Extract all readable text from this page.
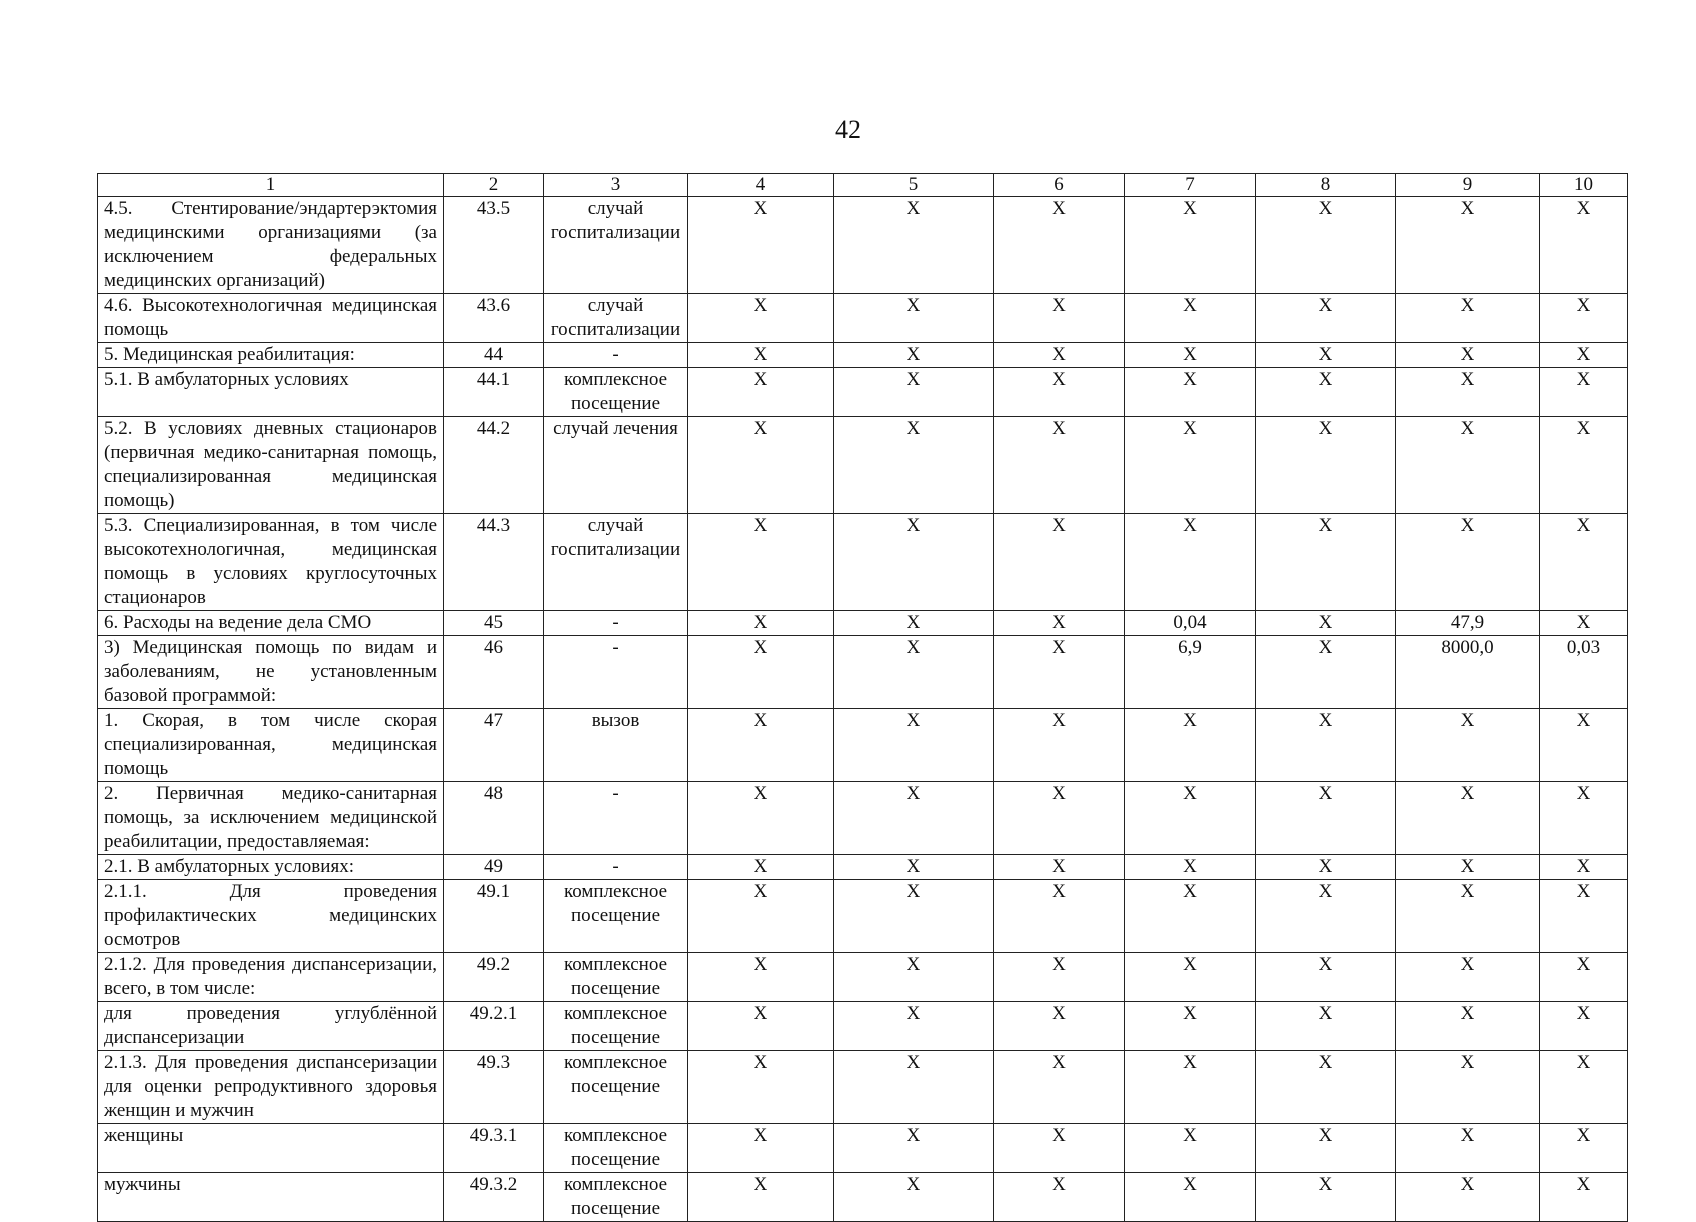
42
1	2	3	4	5	6	7	8	9	10
4.5. Стентирование/эндартерэктомия медицинскими организациями (за исключением федеральных медицинских организаций)	43.5	случай госпитализации	X	X	X	X	X	X	X
4.6. Высокотехнологичная медицинская помощь	43.6	случай госпитализации	X	X	X	X	X	X	X
5. Медицинская реабилитация:	44	-	X	X	X	X	X	X	X
5.1. В амбулаторных условиях	44.1	комплексное посещение	X	X	X	X	X	X	X
5.2. В условиях дневных стационаров (первичная медико-санитарная помощь, специализированная медицинская помощь)	44.2	случай лечения	X	X	X	X	X	X	X
5.3. Специализированная, в том числе высокотехнологичная, медицинская помощь в условиях круглосуточных стационаров	44.3	случай госпитализации	X	X	X	X	X	X	X
6. Расходы на ведение дела СМО	45	-	X	X	X	0,04	X	47,9	X
3) Медицинская помощь по видам и заболеваниям, не установленным базовой программой:	46	-	X	X	X	6,9	X	8000,0	0,03
1. Скорая, в том числе скорая специализированная, медицинская помощь	47	вызов	X	X	X	X	X	X	X
2. Первичная медико-санитарная помощь, за исключением медицинской реабилитации, предоставляемая:	48	-	X	X	X	X	X	X	X
2.1. В амбулаторных условиях:	49	-	X	X	X	X	X	X	X
2.1.1. Для проведения профилактических медицинских осмотров	49.1	комплексное посещение	X	X	X	X	X	X	X
2.1.2. Для проведения диспансеризации, всего, в том числе:	49.2	комплексное посещение	X	X	X	X	X	X	X
для проведения углублённой диспансеризации	49.2.1	комплексное посещение	X	X	X	X	X	X	X
2.1.3. Для проведения диспансеризации для оценки репродуктивного здоровья женщин и мужчин	49.3	комплексное посещение	X	X	X	X	X	X	X
женщины	49.3.1	комплексное посещение	X	X	X	X	X	X	X
мужчины	49.3.2	комплексное посещение	X	X	X	X	X	X	X
